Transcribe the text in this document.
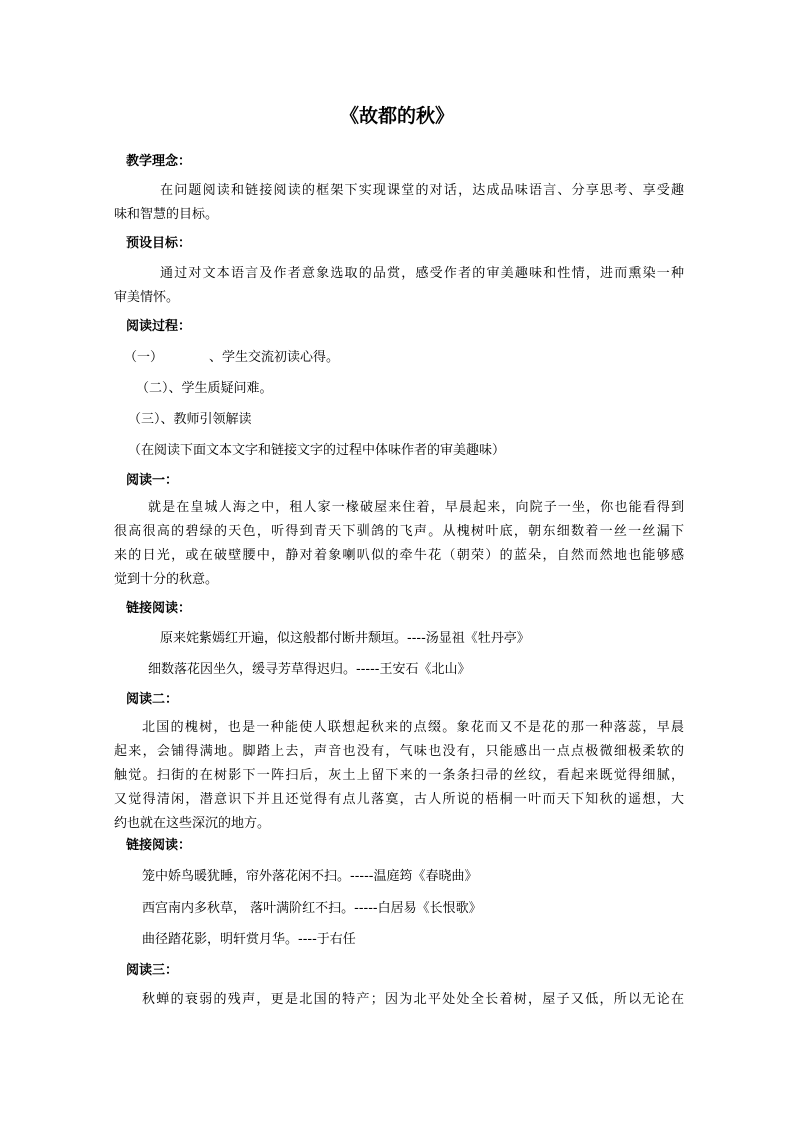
《故都的秋》
教学理念：
在问题阅读和链接阅读的框架下实现课堂的对话，达成品味语言、分享思考、享受趣
味和智慧的目标。
预设目标：
通过对文本语言及作者意象选取的品赏，感受作者的审美趣味和性情，进而熏染一种
审美情怀。
阅读过程：
（一）	、学生交流初读心得。
（二）、学生质疑问难。
（三）、教师引领解读
（在阅读下面文本文字和链接文字的过程中体味作者的审美趣味）
阅读一：
就是在皇城人海之中，租人家一椽破屋来住着，早晨起来，向院子一坐，你也能看得到
很高很高的碧绿的天色，听得到青天下驯鸽的飞声。从槐树叶底，朝东细数着一丝一丝漏下
来的日光，或在破壁腰中，静对着象喇叭似的牵牛花（朝荣）的蓝朵，自然而然地也能够感
觉到十分的秋意。
链接阅读：
原来姹紫嫣红开遍，似这般都付断井颓垣。----汤显祖《牡丹亭》
细数落花因坐久，缓寻芳草得迟归。-----王安石《北山》
阅读二：
北国的槐树，也是一种能使人联想起秋来的点缀。象花而又不是花的那一种落蕊，早晨
起来，会铺得满地。脚踏上去，声音也没有，气味也没有，只能感出一点点极微细极柔软的
触觉。扫街的在树影下一阵扫后，灰土上留下来的一条条扫帚的丝纹，看起来既觉得细腻，
又觉得清闲，潜意识下并且还觉得有点儿落寞，古人所说的梧桐一叶而天下知秋的遥想，大
约也就在这些深沉的地方。
链接阅读：
笼中娇鸟暖犹睡，帘外落花闲不扫。-----温庭筠《春晓曲》
西宫南内多秋草， 落叶满阶红不扫。-----白居易《长恨歌》
曲径踏花影，明轩赏月华。----于右任
阅读三：
秋蝉的衰弱的残声，更是北国的特产；因为北平处处全长着树，屋子又低，所以无论在
